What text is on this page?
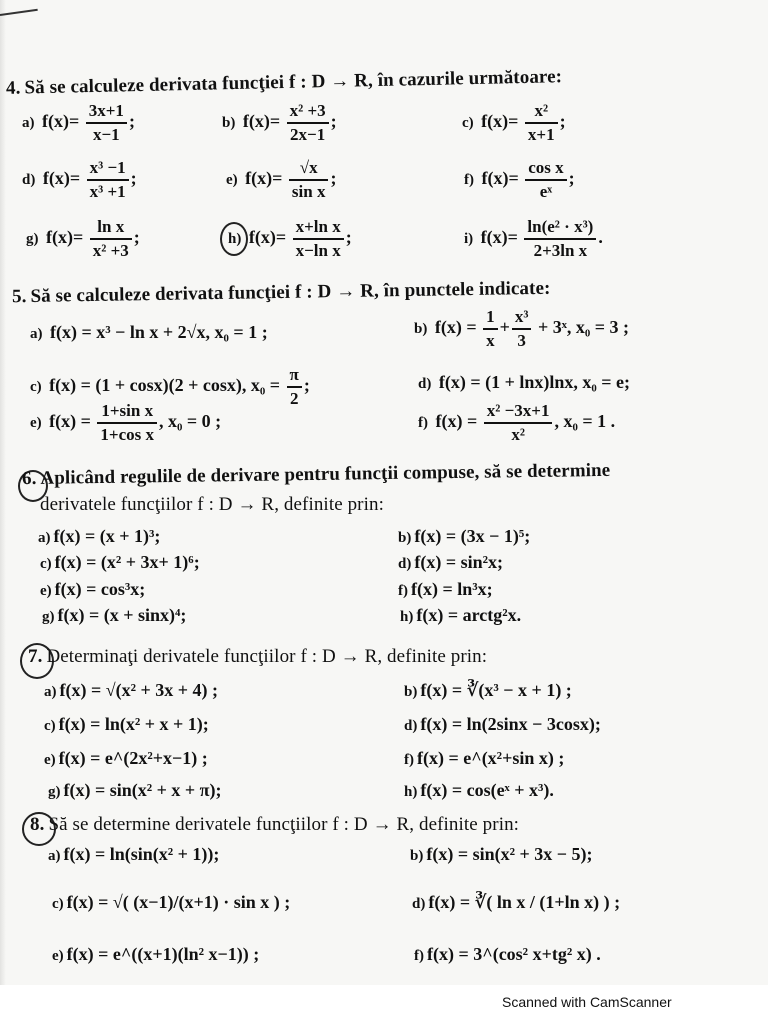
4. Să se calculeze derivata funcţiei f : D → R, în cazurile următoare:
a) $f(x)= \frac{3x+1}{x-1}$ ;	b) $f(x)= \frac{\text{x² +3}}{2x-1}$ ;	c) $f(x)= \frac{\text{x²}}{x+1}$ ;
d) $f(x)= \frac{\text{x³ −1}}{\text{x³ +1}}$ ;	e) $f(x)= \frac{√x}{\text{sin x}}$ ;	f) $f(x)= \frac{\text{cos x}}{\text{eˣ}}$ ;
g) $f(x)= \frac{\text{ln x}}{\text{x² +3}}$ ;	h) $f(x)= \frac{\text{x+ln x}}{\text{x−ln x}}$ ;	i) $f(x)= \frac{\text{ln(e² · x³)}}{\text{2+3ln x}}$ .
5. Să se calculeze derivata funcţiei f : D → R, în punctele indicate:
a) f(x) = x³ − ln x + 2√x, x₀ = 1 ;	b) $f(x) = \frac{1}{x} + \frac{\text{x³}}{3}$ + 3ˣ, x₀ = 3 ;
c) f(x) = (1 + cosx)(2 + cosx), $x_0 = \frac{\pi}{2}$ ;	d) f(x) = (1 + lnx)lnx, x₀ = e;
e) $f(x) = \frac{\text{1+sin x}}{\text{1+cos x}}$ , x₀ = 0 ;	f) $f(x) = \frac{\text{x² −3x+1}}{\text{x²}}$ , x₀ = 1 .
6. Aplicând regulile de derivare pentru funcţii compuse, să se determine
derivatele funcţiilor f : D → R, definite prin:
a) f(x) = (x + 1)³;	b) f(x) = (3x − 1)⁵;
c) f(x) = (x² + 3x+ 1)⁶;	d) f(x) = sin²x;
e) f(x) = cos³x;	f) f(x) = ln³x;
g) f(x) = (x + sinx)⁴;	h) f(x) = arctg²x.
7. Determinaţi derivatele funcţiilor f : D → R, definite prin:
a) f(x) = √(x² + 3x + 4) ;	b) f(x) = ∛(x³ − x + 1) ;
c) f(x) = ln(x² + x + 1);	d) f(x) = ln(2sinx − 3cosx);
e) f(x) = e^(2x²+x−1) ;	f) f(x) = e^(x²+sin x) ;
g) f(x) = sin(x² + x + π);	h) f(x) = cos(eˣ + x³).
8. Să se determine derivatele funcţiilor f : D → R, definite prin:
a) f(x) = ln(sin(x² + 1));	b) f(x) = sin(x² + 3x − 5);
c) f(x) = √( (x−1)/(x+1) · sin x ) ;	d) f(x) = ∛( ln x / (1+ln x) ) ;
e) f(x) = e^((x+1)(ln² x−1)) ;	f) f(x) = 3^(cos² x+tg² x) .
Scanned with CamScanner
